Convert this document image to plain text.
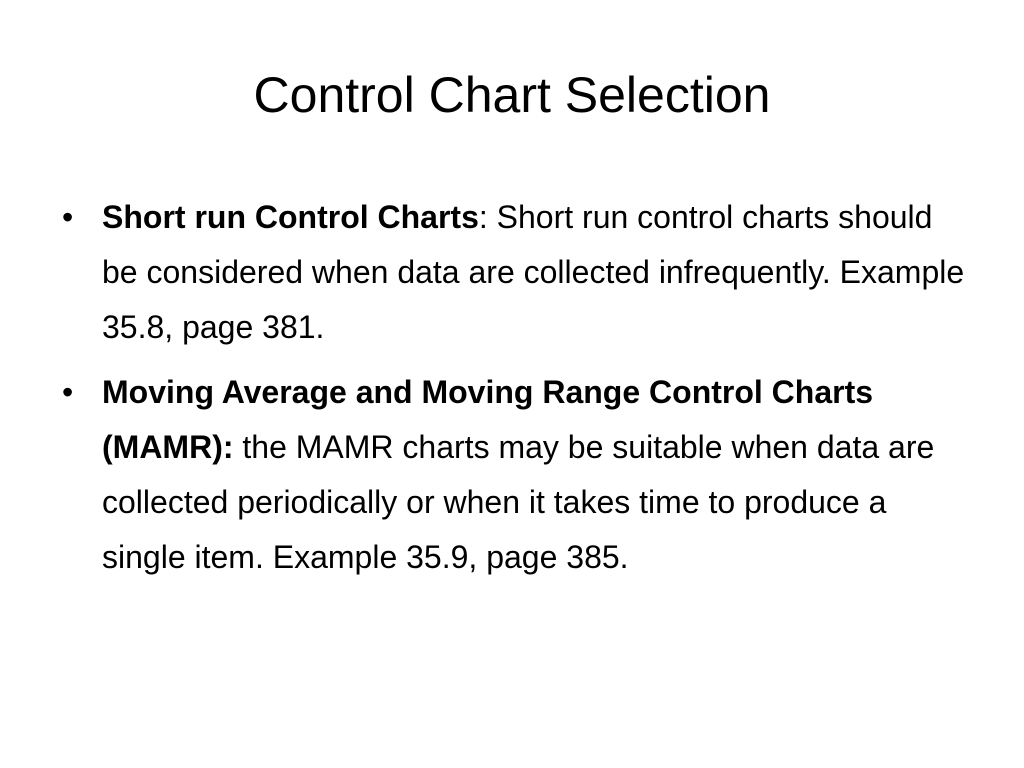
Control Chart Selection
• Short run Control Charts: Short run control charts should be considered when data are collected infrequently. Example 35.8, page 381.
• Moving Average and Moving Range Control Charts (MAMR): the MAMR charts may be suitable when data are collected periodically or when it takes time to produce a single item. Example 35.9, page 385.
